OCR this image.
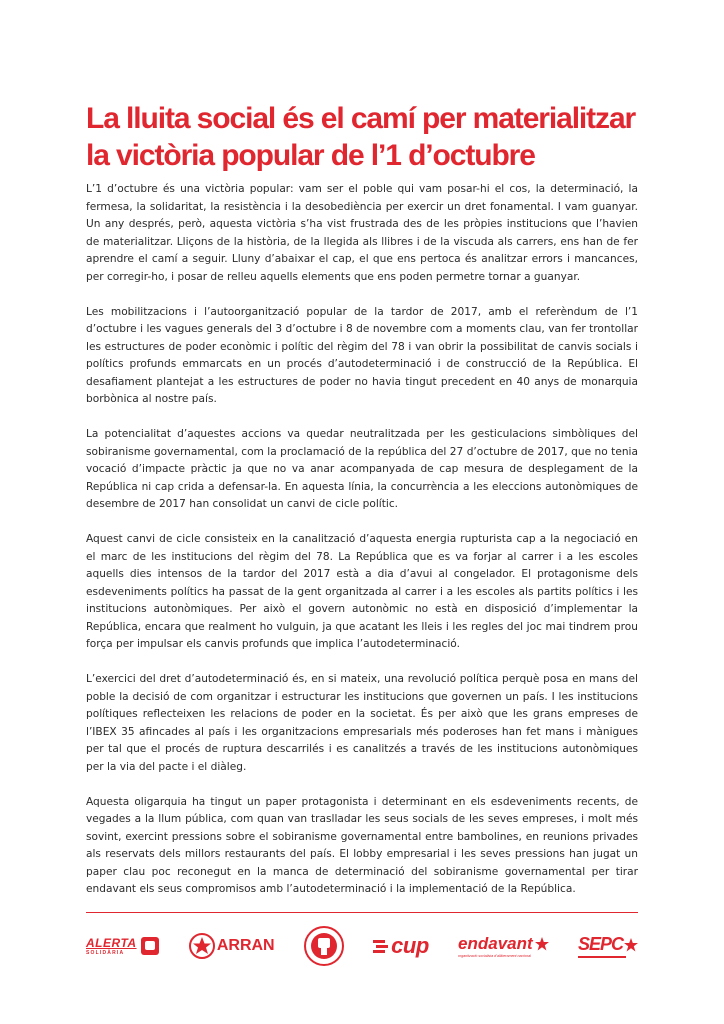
La lluita social és el camí per materialitzar
la victòria popular de l’1 d’octubre

L’1 d’octubre és una victòria popular: vam ser el poble qui vam posar-hi el cos, la determinació, la fermesa, la solidaritat, la resistència i la desobediència per exercir un dret fonamental. I vam guanyar. Un any després, però, aquesta victòria s’ha vist frustrada des de les pròpies institucions que l’havien de materialitzar. Lliçons de la història, de la llegida als llibres i de la viscuda als carrers, ens han de fer aprendre el camí a seguir. Lluny d’abaixar el cap, el que ens pertoca és analitzar errors i mancances, per corregir-ho, i posar de relleu aquells elements que ens poden permetre tornar a guanyar.

Les mobilitzacions i l’autoorganització popular de la tardor de 2017, amb el referèndum de l’1 d’octubre i les vagues generals del 3 d’octubre i 8 de novembre com a moments clau, van fer trontollar les estructures de poder econòmic i polític del règim del 78 i van obrir la possibilitat de canvis socials i polítics profunds emmarcats en un procés d’autodeterminació i de construcció de la República. El desafiament plantejat a les estructures de poder no havia tingut precedent en 40 anys de monarquia borbònica al nostre país.

La potencialitat d’aquestes accions va quedar neutralitzada per les gesticulacions simbòliques del sobiranisme governamental, com la proclamació de la república del 27 d’octubre de 2017, que no tenia vocació d’impacte pràctic ja que no va anar acompanyada de cap mesura de desplegament de la República ni cap crida a defensar-la. En aquesta línia, la concurrència a les eleccions autonòmiques de desembre de 2017 han consolidat un canvi de cicle polític.

Aquest canvi de cicle consisteix en la canalització d’aquesta energia rupturista cap a la negociació en el marc de les institucions del règim del 78. La República que es va forjar al carrer i a les escoles aquells dies intensos de la tardor del 2017 està a dia d’avui al congelador. El protagonisme dels esdeveniments polítics ha passat de la gent organitzada al carrer i a les escoles als partits polítics i les institucions autonòmiques. Per això el govern autonòmic no està en disposició d’implementar la República, encara que realment ho vulguin, ja que acatant les lleis i les regles del joc mai tindrem prou força per impulsar els canvis profunds que implica l’autodeterminació.

L’exercici del dret d’autodeterminació és, en si mateix, una revolució política perquè posa en mans del poble la decisió de com organitzar i estructurar les institucions que governen un país. I les institucions polítiques reflecteixen les relacions de poder en la societat. És per això que les grans empreses de l’IBEX 35 afincades al país i les organitzacions empresarials més poderoses han fet mans i mànigues per tal que el procés de ruptura descarrilés i es canalitzés a través de les institucions autonòmiques per la via del pacte i el diàleg.

Aquesta oligarquia ha tingut un paper protagonista i determinant en els esdeveniments recents, de vegades a la llum pública, com quan van traslladar les seus socials de les seves empreses, i molt més sovint, exercint pressions sobre el sobiranisme governamental entre bambolines, en reunions privades als reservats dels millors restaurants del país. El lobby empresarial i les seves pressions han jugat un paper clau poc reconegut en la manca de determinació del sobiranisme governamental per tirar endavant els seus compromisos amb l’autodeterminació i la implementació de la República.

ALERTA
SOLIDÀRIA	ARRAN	cup endavant
organització socialista d’alliberament nacional
SEPC
